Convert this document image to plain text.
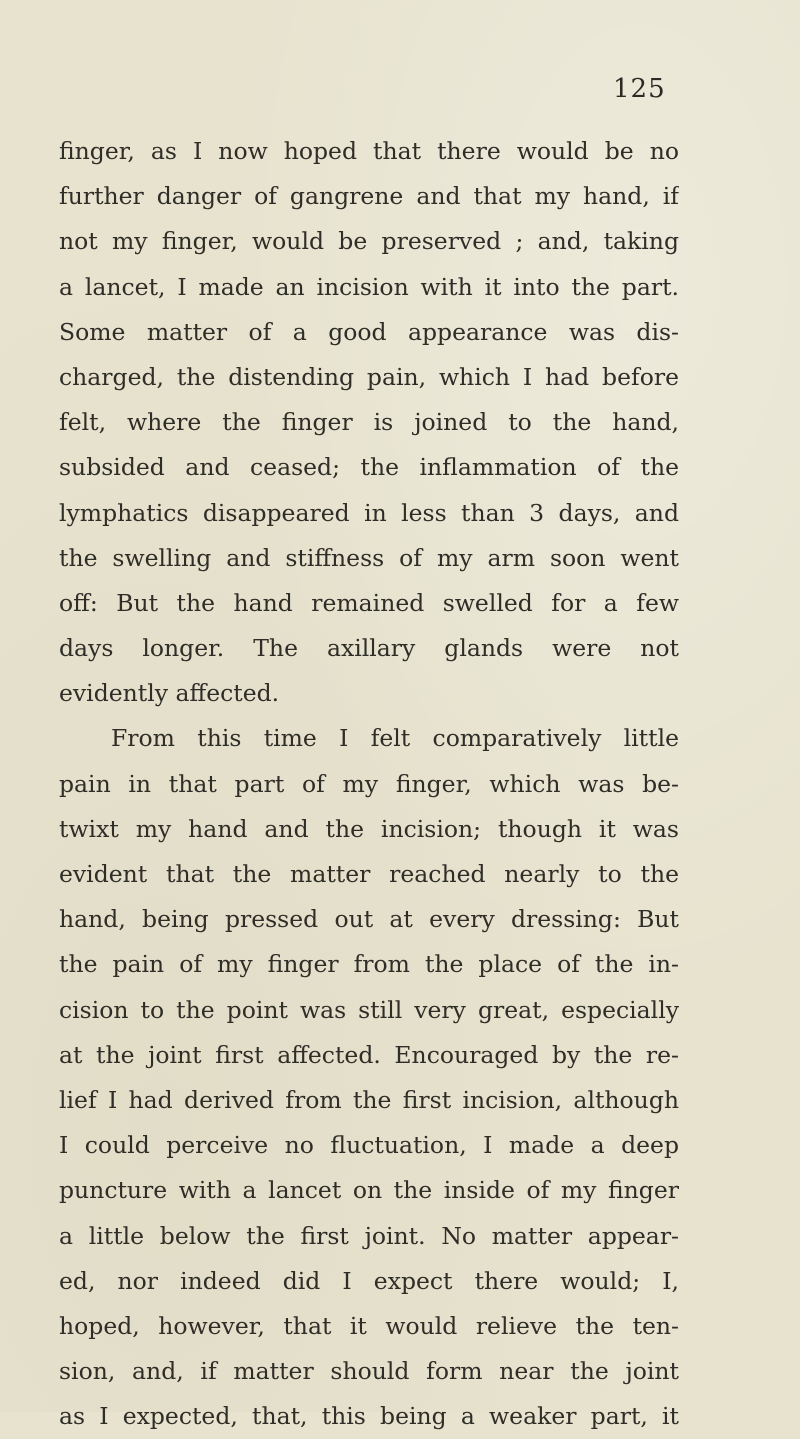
125
finger, as I now hoped that there would be no
further danger of gangrene and that my hand, if
not my finger, would be preserved ; and, taking
a lancet, I made an incision with it into the part.
Some matter of a good appearance was dis-
charged, the distending pain, which I had before
felt, where the finger is joined to the hand,
subsided and ceased; the inflammation of the
lymphatics disappeared in less than 3 days, and
the swelling and stiffness of my arm soon went
off: But the hand remained swelled for a few
days longer. The axillary glands were not
evidently affected.
From this time I felt comparatively little
pain in that part of my finger, which was be-
twixt my hand and the incision; though it was
evident that the matter reached nearly to the
hand, being pressed out at every dressing: But
the pain of my finger from the place of the in-
cision to the point was still very great, especially
at the joint first affected. Encouraged by the re-
lief I had derived from the first incision, although
I could perceive no fluctuation, I made a deep
puncture with a lancet on the inside of my finger
a little below the first joint. No matter appear-
ed, nor indeed did I expect there would; I,
hoped, however, that it would relieve the ten-
sion, and, if matter should form near the joint
as I expected, that, this being a weaker part, it
